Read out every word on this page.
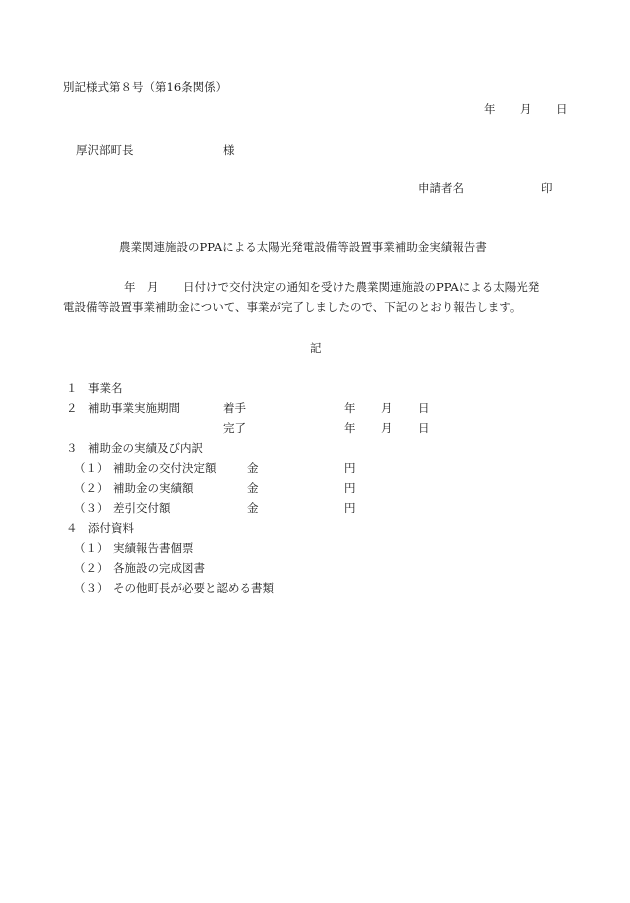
別記様式第８号（第16条関係）
年 月 日
厚沢部町長	様
申請者名	印
農業関連施設のPPAによる太陽光発電設備等設置事業補助金実績報告書
年 月 日付けで交付決定の通知を受けた農業関連施設のPPAによる太陽光発
電設備等設置事業補助金について、事業が完了しましたので、下記のとおり報告します。
記
１ 事業名
２ 補助事業実施期間	着手	年 月 日
完了	年 月 日
３ 補助金の実績及び内訳
（１） 補助金の交付決定額	金	円
（２） 補助金の実績額	金	円
（３） 差引交付額	金	円
４ 添付資料
（１） 実績報告書個票
（２） 各施設の完成図書
（３） その他町長が必要と認める書類
